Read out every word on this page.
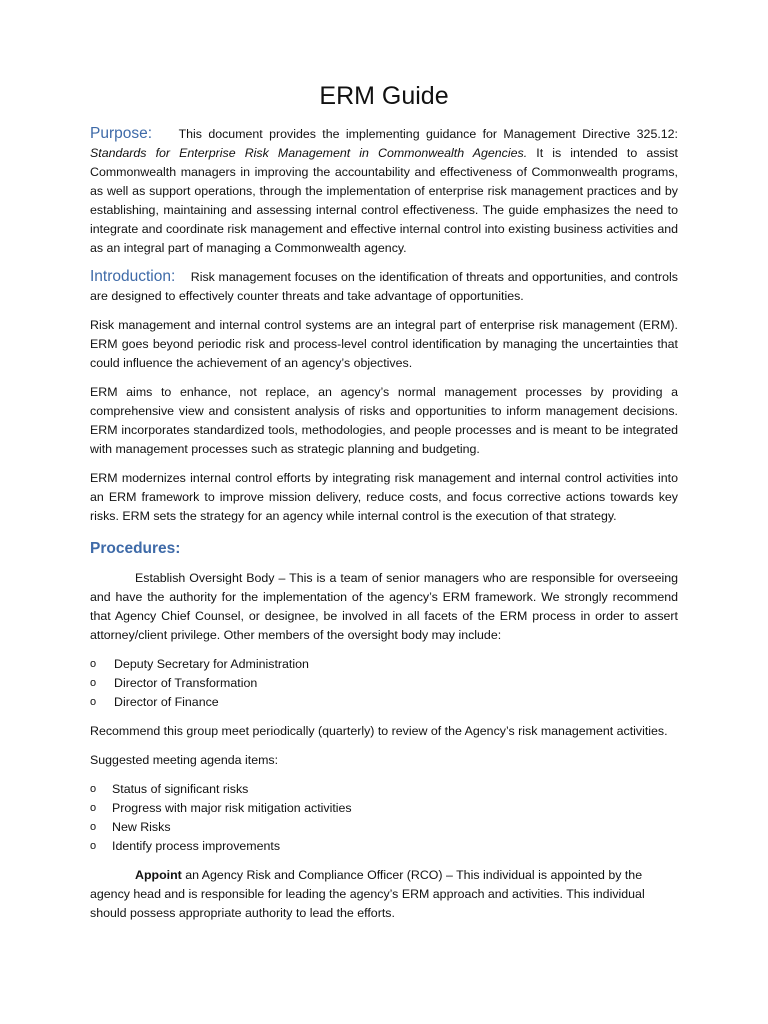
ERM Guide

Purpose: This document provides the implementing guidance for Management Directive 325.12: Standards for Enterprise Risk Management in Commonwealth Agencies. It is intended to assist Commonwealth managers in improving the accountability and effectiveness of Commonwealth programs, as well as support operations, through the implementation of enterprise risk management practices and by establishing, maintaining and assessing internal control effectiveness. The guide emphasizes the need to integrate and coordinate risk management and effective internal control into existing business activities and as an integral part of managing a Commonwealth agency.

Introduction: Risk management focuses on the identification of threats and opportunities, and controls are designed to effectively counter threats and take advantage of opportunities.

Risk management and internal control systems are an integral part of enterprise risk management (ERM). ERM goes beyond periodic risk and process-level control identification by managing the uncertainties that could influence the achievement of an agency’s objectives.

ERM aims to enhance, not replace, an agency’s normal management processes by providing a comprehensive view and consistent analysis of risks and opportunities to inform management decisions. ERM incorporates standardized tools, methodologies, and people processes and is meant to be integrated with management processes such as strategic planning and budgeting.

ERM modernizes internal control efforts by integrating risk management and internal control activities into an ERM framework to improve mission delivery, reduce costs, and focus corrective actions towards key risks. ERM sets the strategy for an agency while internal control is the execution of that strategy.

Procedures:

Establish Oversight Body – This is a team of senior managers who are responsible for overseeing and have the authority for the implementation of the agency’s ERM framework. We strongly recommend that Agency Chief Counsel, or designee, be involved in all facets of the ERM process in order to assert attorney/client privilege. Other members of the oversight body may include:

o Deputy Secretary for Administration
o Director of Transformation
o Director of Finance

Recommend this group meet periodically (quarterly) to review of the Agency’s risk management activities.

Suggested meeting agenda items:

o Status of significant risks
o Progress with major risk mitigation activities
o New Risks
o Identify process improvements

Appoint an Agency Risk and Compliance Officer (RCO) – This individual is appointed by the agency head and is responsible for leading the agency’s ERM approach and activities. This individual should possess appropriate authority to lead the efforts.
